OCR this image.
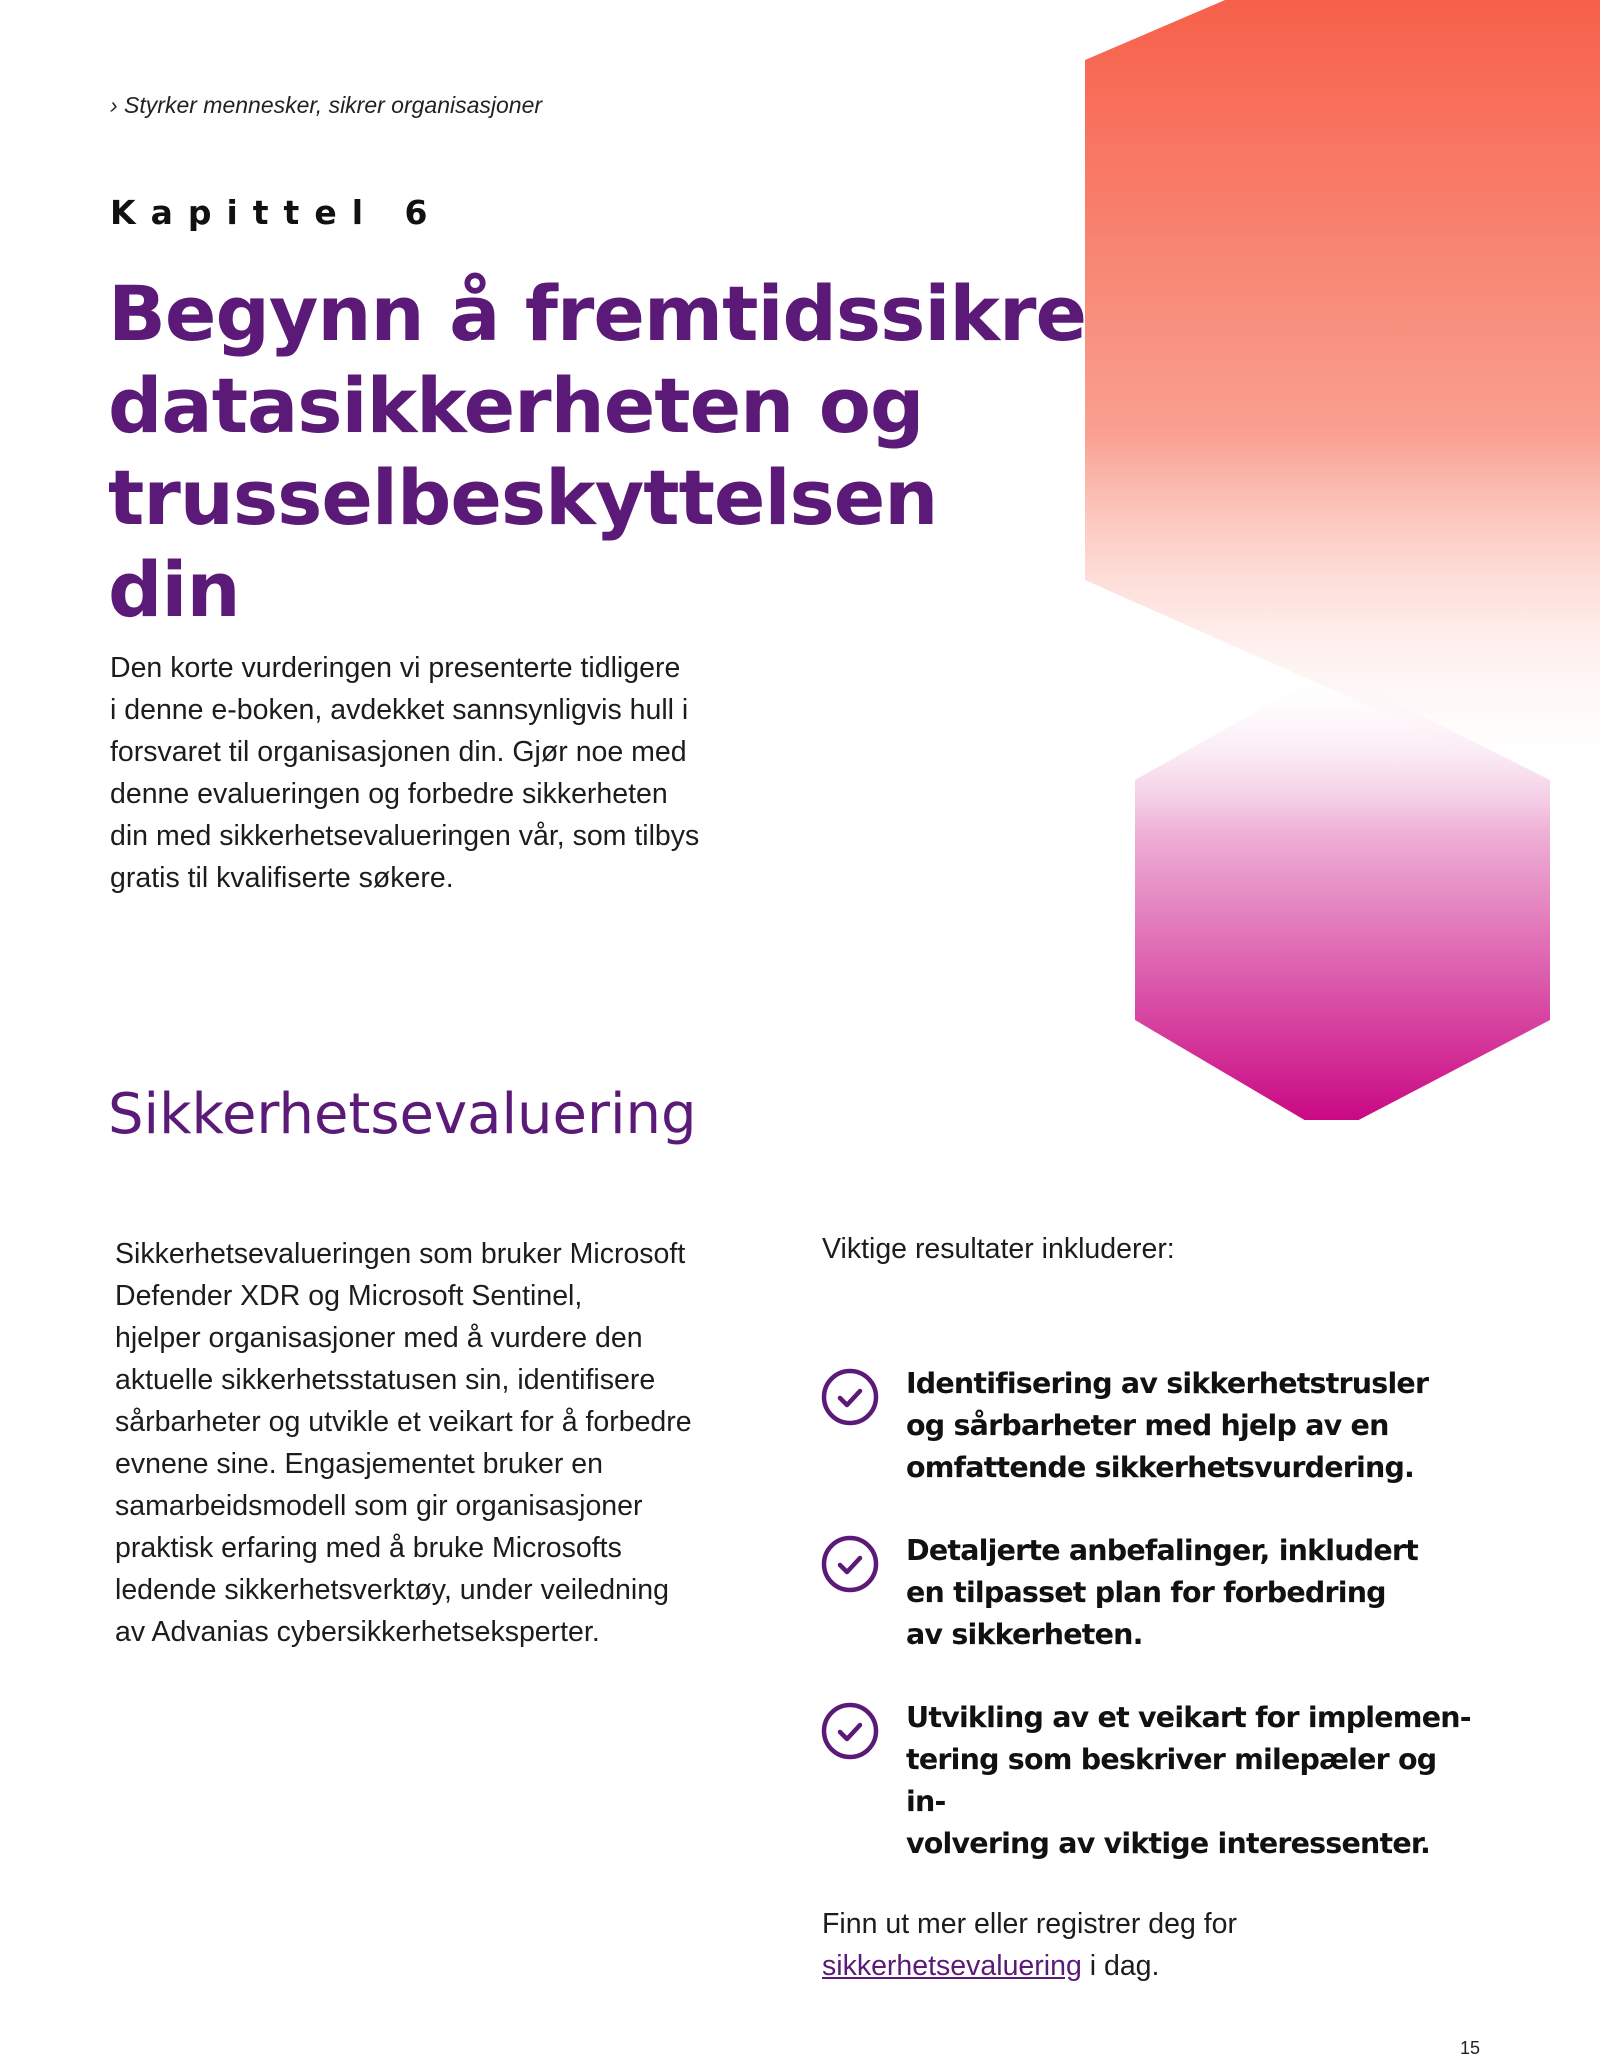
› Styrker mennesker, sikrer organisasjoner
Kapittel 6
Begynn å fremtidssikre
datasikkerheten og
trusselbeskyttelsen din
Den korte vurderingen vi presenterte tidligere
i denne e-boken, avdekket sannsynligvis hull i
forsvaret til organisasjonen din. Gjør noe med
denne evalueringen og forbedre sikkerheten
din med sikkerhetsevalueringen vår, som tilbys
gratis til kvalifiserte søkere.
Sikkerhetsevaluering
Sikkerhetsevalueringen som bruker Microsoft
Defender XDR og Microsoft Sentinel,
hjelper organisasjoner med å vurdere den
aktuelle sikkerhetsstatusen sin, identifisere
sårbarheter og utvikle et veikart for å forbedre
evnene sine. Engasjementet bruker en
samarbeidsmodell som gir organisasjoner
praktisk erfaring med å bruke Microsofts
ledende sikkerhetsverktøy, under veiledning
av Advanias cybersikkerhetseksperter.
Viktige resultater inkluderer:
Identifisering av sikkerhetstrusler
og sårbarheter med hjelp av en
omfattende sikkerhetsvurdering.
Detaljerte anbefalinger, inkludert
en tilpasset plan for forbedring
av sikkerheten.
Utvikling av et veikart for implemen-
tering som beskriver milepæler og in-
volvering av viktige interessenter.
Finn ut mer eller registrer deg for
sikkerhetsevaluering i dag.
15
